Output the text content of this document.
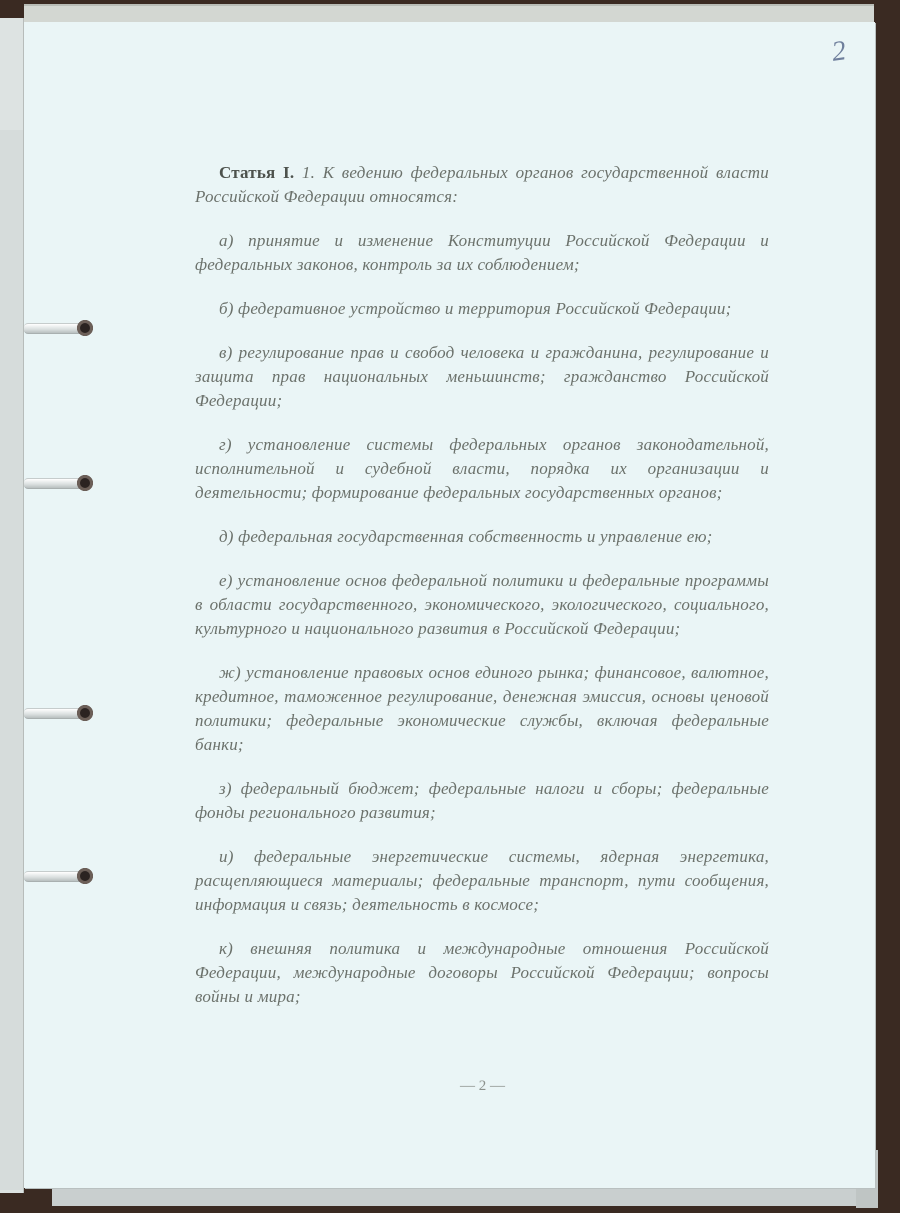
2

Статья I. 1. К ведению федеральных органов государственной власти Российской Федерации относятся:

а) принятие и изменение Конституции Российской Федерации и федеральных законов, контроль за их соблюдением;

б) федеративное устройство и территория Российской Федерации;

в) регулирование прав и свобод человека и гражданина, регулирование и защита прав национальных меньшинств; гражданство Российской Федерации;

г) установление системы федеральных органов законодательной, исполнительной и судебной власти, порядка их организации и деятельности; формирование федеральных государственных органов;

д) федеральная государственная собственность и управление ею;

е) установление основ федеральной политики и федеральные программы в области государственного, экономического, экологического, социального, культурного и национального развития в Российской Федерации;

ж) установление правовых основ единого рынка; финансовое, валютное, кредитное, таможенное регулирование, денежная эмиссия, основы ценовой политики; федеральные экономические службы, включая федеральные банки;

з) федеральный бюджет; федеральные налоги и сборы; федеральные фонды регионального развития;

и) федеральные энергетические системы, ядерная энергетика, расщепляющиеся материалы; федеральные транспорт, пути сообщения, информация и связь; деятельность в космосе;

к) внешняя политика и международные отношения Российской Федерации, международные договоры Российской Федерации; вопросы войны и мира;

— 2 —
